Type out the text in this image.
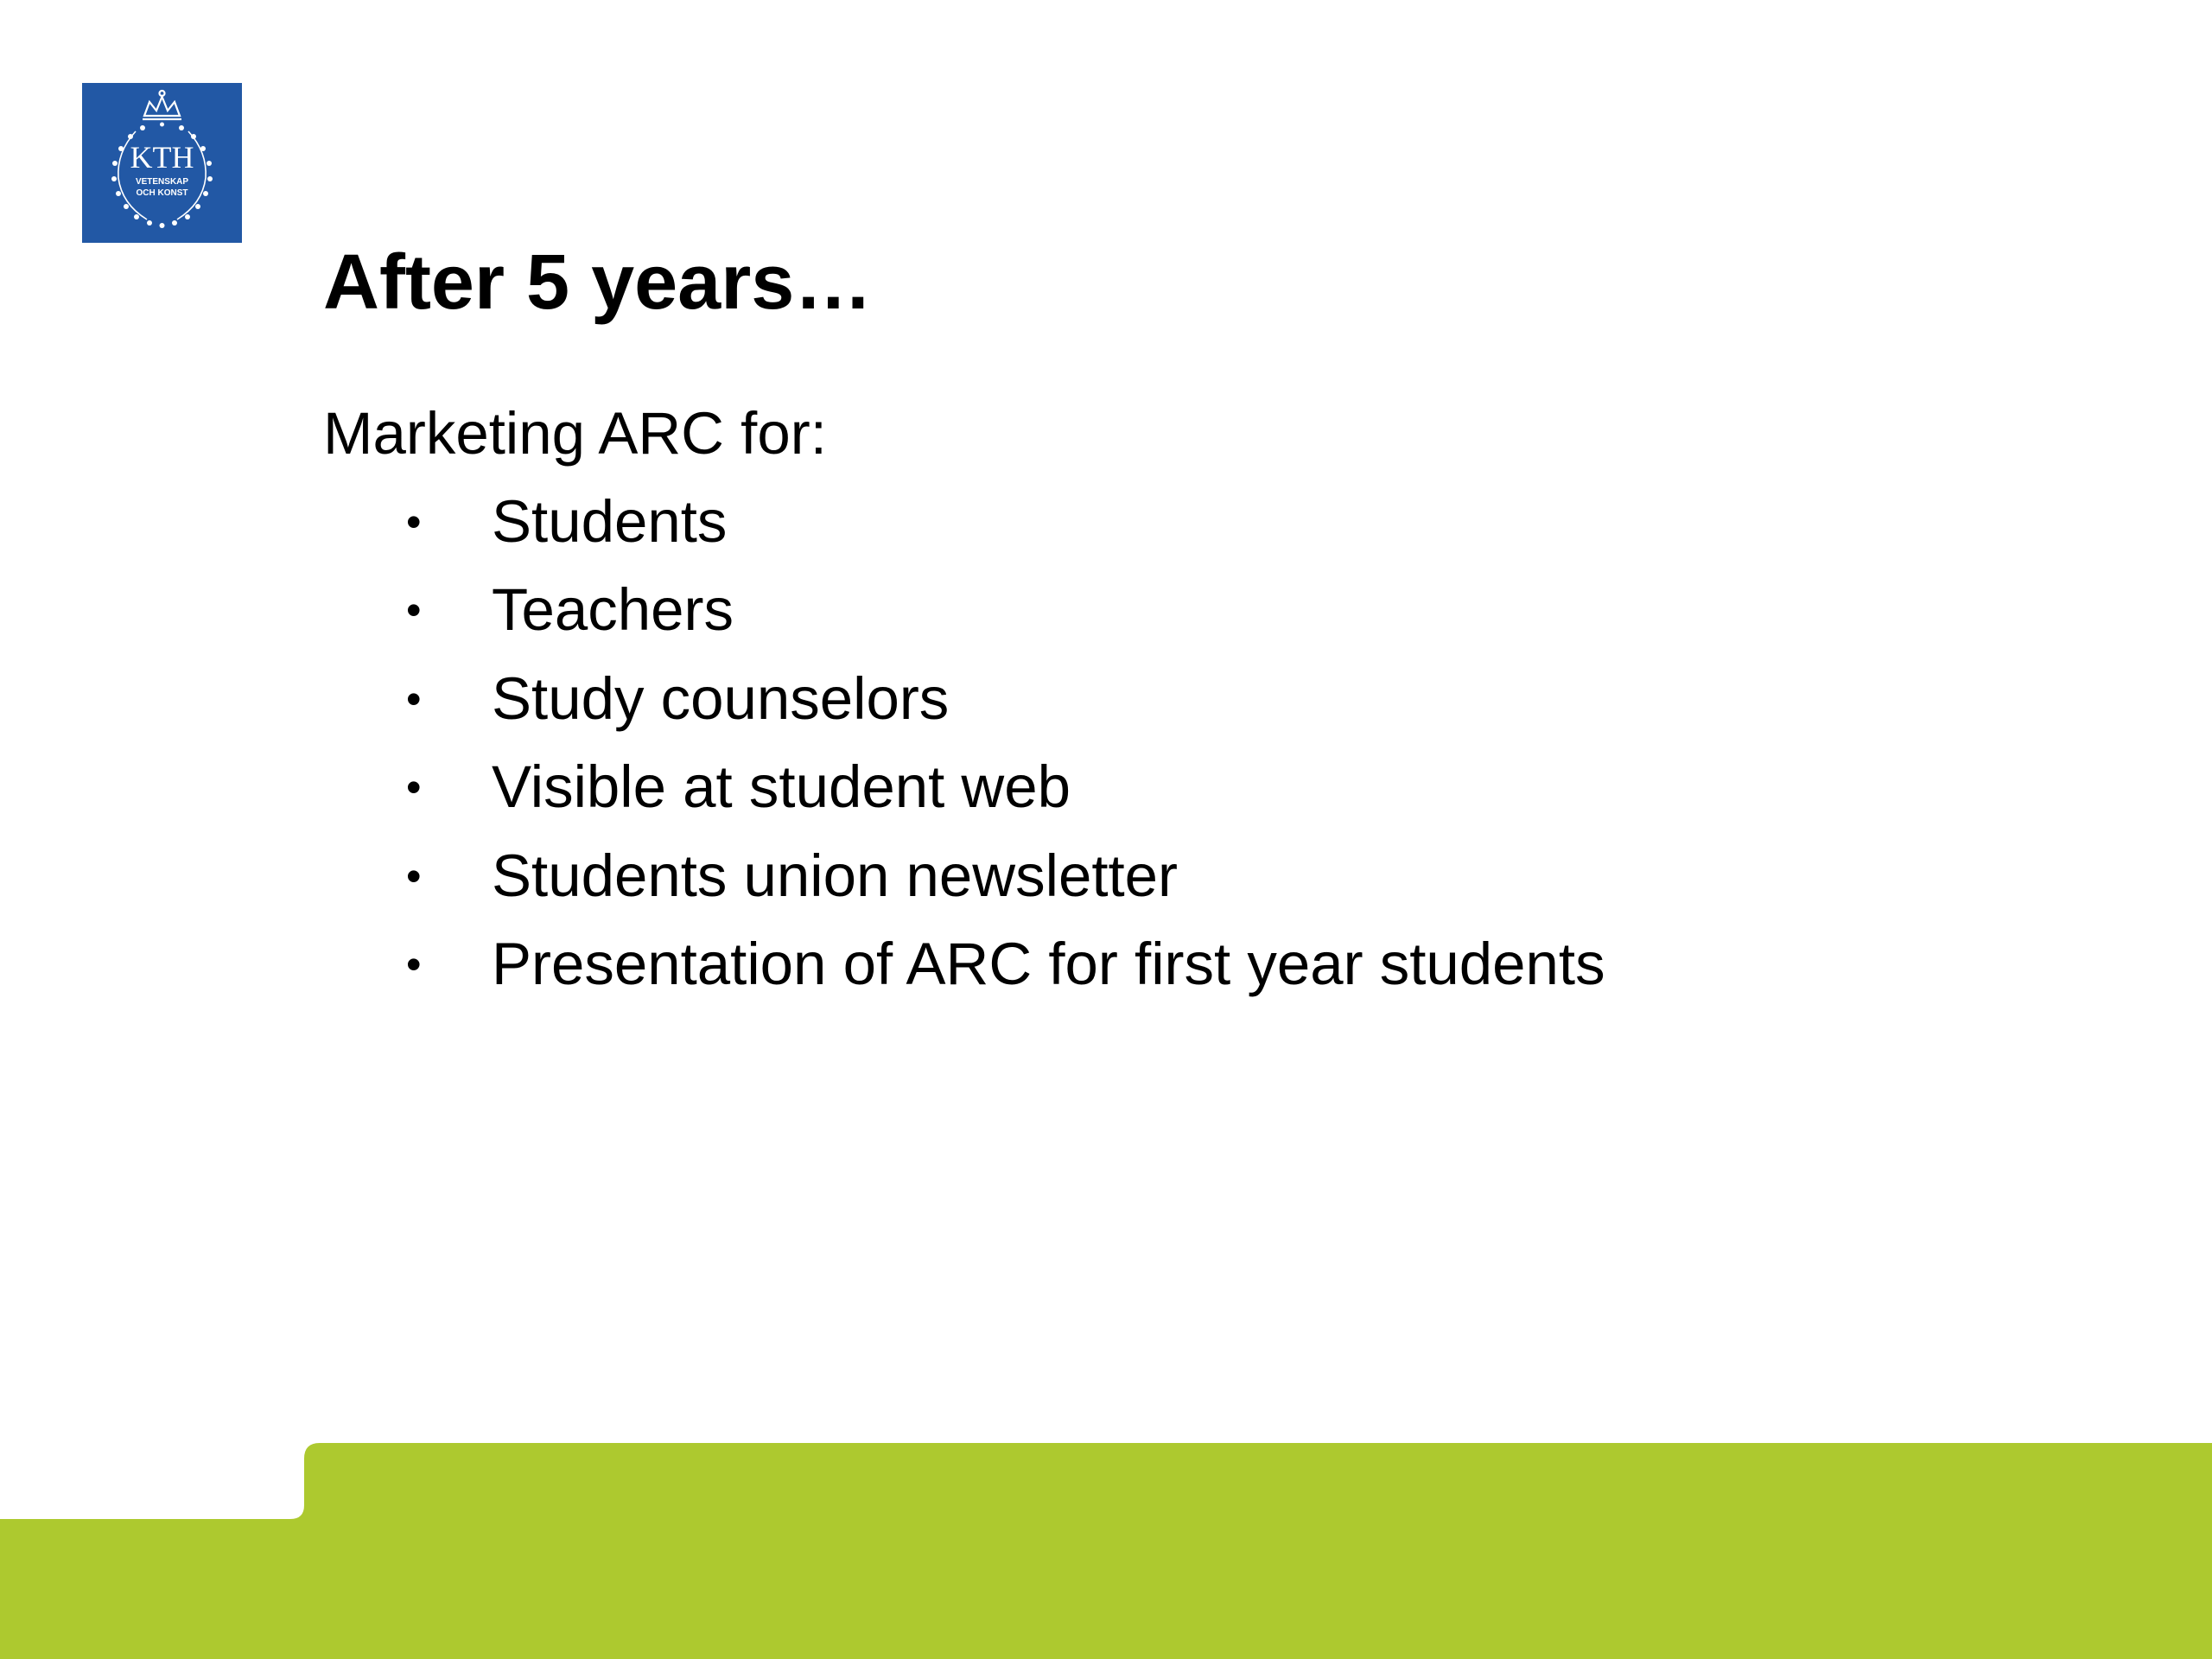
KTH
VETENSKAP
OCH KONST
After 5 years…

Marketing ARC for:

• Students
• Teachers
• Study counselors
• Visible at student web
• Students union newsletter
• Presentation of ARC for first year students
